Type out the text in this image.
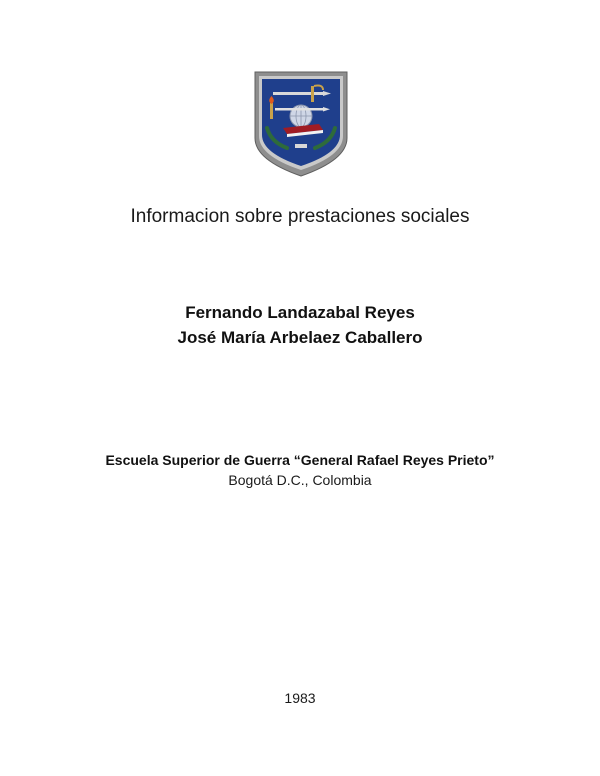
Informacion sobre prestaciones sociales
Fernando Landazabal Reyes
José María Arbelaez Caballero
Escuela Superior de Guerra “General Rafael Reyes Prieto”
Bogotá D.C., Colombia
1983
